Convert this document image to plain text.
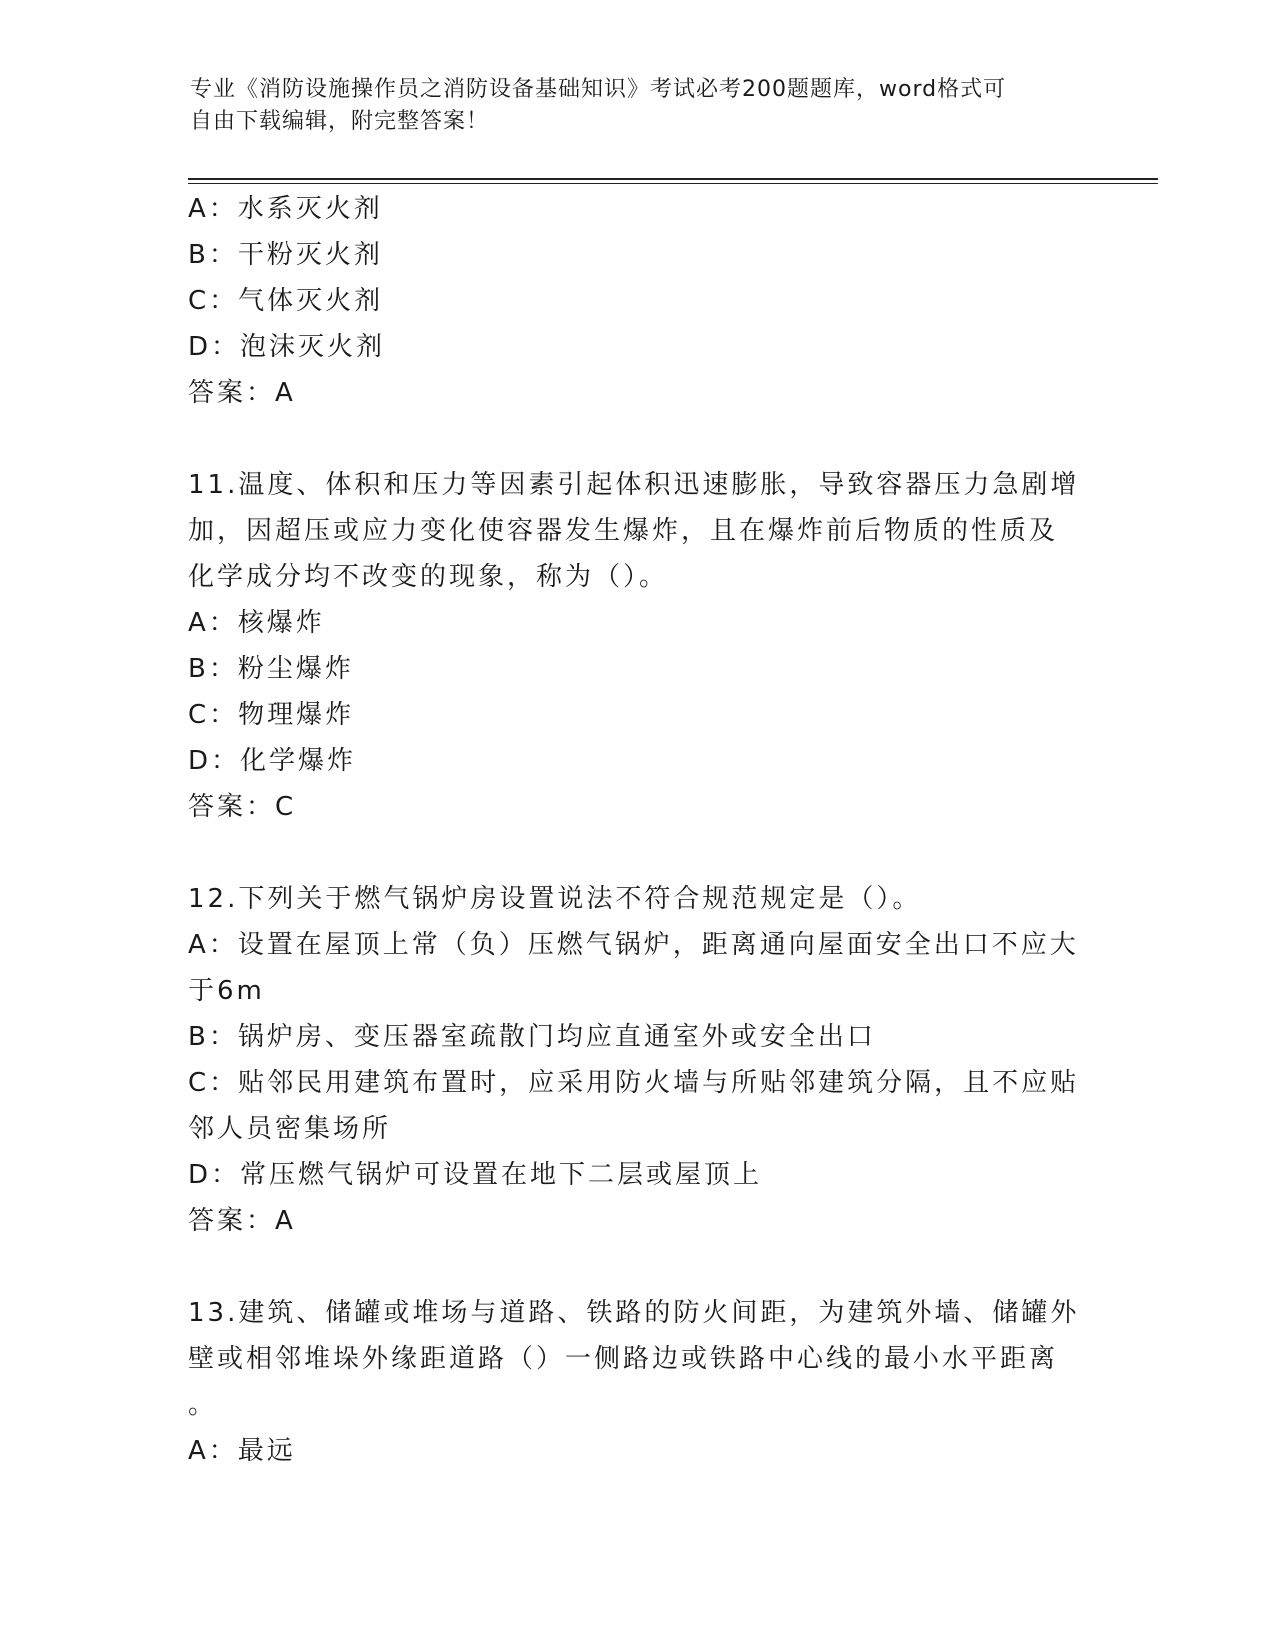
专业《消防设施操作员之消防设备基础知识》考试必考200题题库，word格式可
自由下载编辑，附完整答案！
A：水系灭火剂
B：干粉灭火剂
C：气体灭火剂
D：泡沫灭火剂
答案：A
11.温度、体积和压力等因素引起体积迅速膨胀，导致容器压力急剧增
加，因超压或应力变化使容器发生爆炸，且在爆炸前后物质的性质及
化学成分均不改变的现象，称为（）。
A：核爆炸
B：粉尘爆炸
C：物理爆炸
D：化学爆炸
答案：C
12.下列关于燃气锅炉房设置说法不符合规范规定是（）。
A：设置在屋顶上常（负）压燃气锅炉，距离通向屋面安全出口不应大
于6m
B：锅炉房、变压器室疏散门均应直通室外或安全出口
C：贴邻民用建筑布置时，应采用防火墙与所贴邻建筑分隔，且不应贴
邻人员密集场所
D：常压燃气锅炉可设置在地下二层或屋顶上
答案：A
13.建筑、储罐或堆场与道路、铁路的防火间距，为建筑外墙、储罐外
壁或相邻堆垛外缘距道路（）一侧路边或铁路中心线的最小水平距离
。
A：最远
